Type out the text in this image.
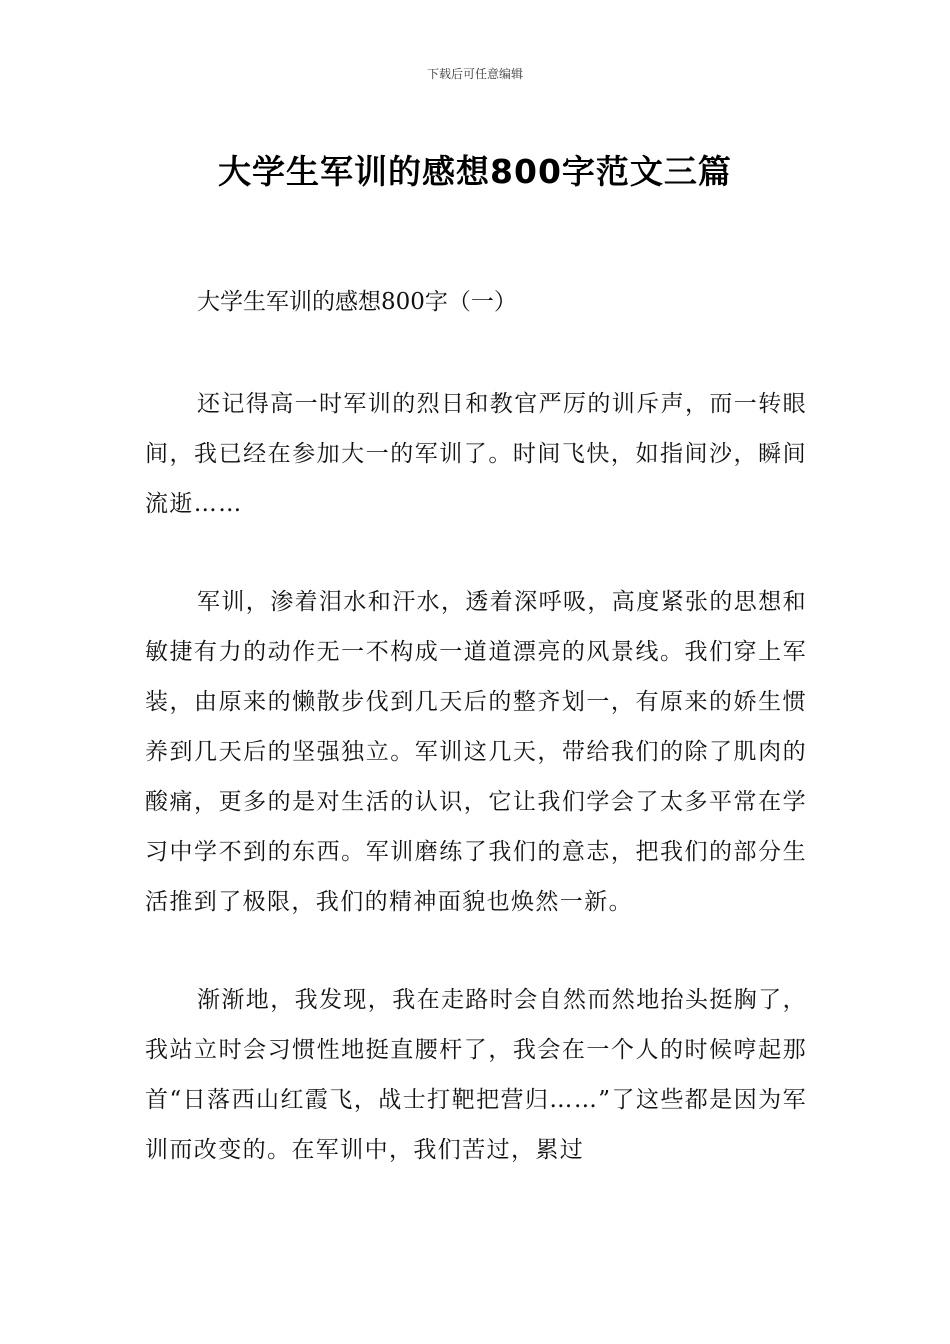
下载后可任意编辑
大学生军训的感想800字范文三篇
大学生军训的感想800字（一）

还记得高一时军训的烈日和教官严厉的训斥声，而一转眼间，我已经在参加大一的军训了。时间飞快，如指间沙，瞬间流逝……

军训，渗着泪水和汗水，透着深呼吸，高度紧张的思想和敏捷有力的动作无一不构成一道道漂亮的风景线。我们穿上军装，由原来的懒散步伐到几天后的整齐划一，有原来的娇生惯养到几天后的坚强独立。军训这几天，带给我们的除了肌肉的酸痛，更多的是对生活的认识，它让我们学会了太多平常在学习中学不到的东西。军训磨练了我们的意志，把我们的部分生活推到了极限，我们的精神面貌也焕然一新。

渐渐地，我发现，我在走路时会自然而然地抬头挺胸了，我站立时会习惯性地挺直腰杆了，我会在一个人的时候哼起那首“日落西山红霞飞，战士打靶把营归……”了这些都是因为军训而改变的。在军训中，我们苦过，累过
